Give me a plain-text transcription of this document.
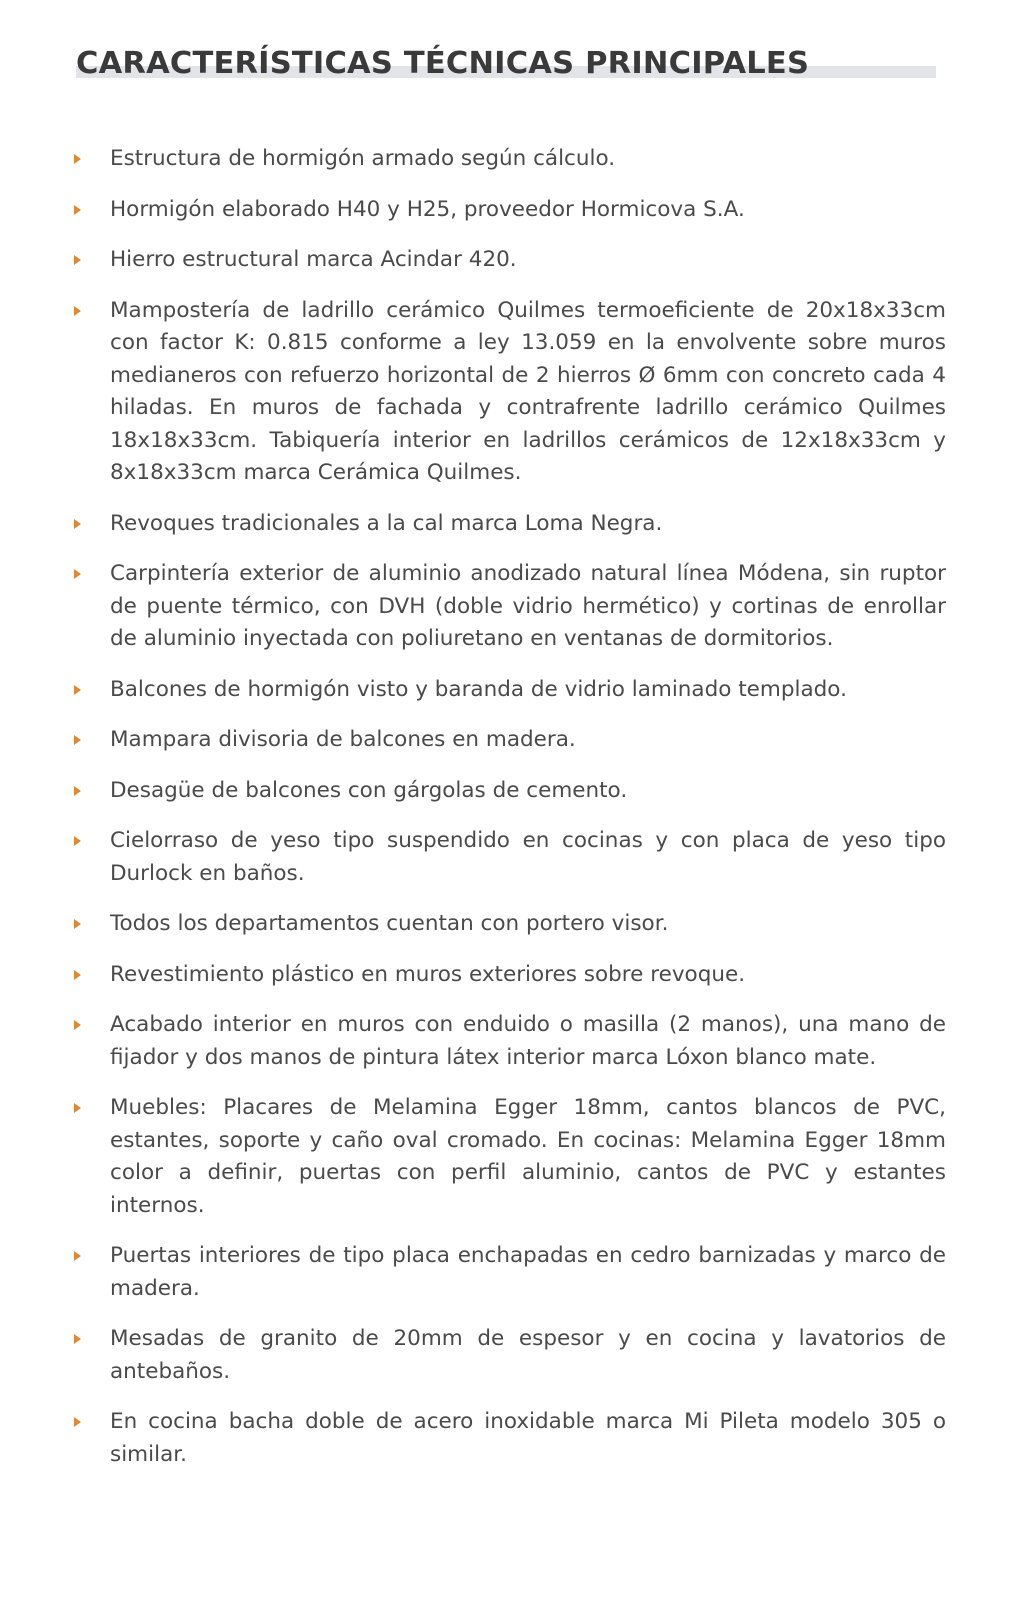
CARACTERÍSTICAS TÉCNICAS PRINCIPALES
Estructura de hormigón armado según cálculo.
Hormigón elaborado H40 y H25, proveedor Hormicova S.A.
Hierro estructural marca Acindar 420.
Mampostería de ladrillo cerámico Quilmes termoeficiente de 20x18x33cm con factor K: 0.815 conforme a ley 13.059 en la envolvente sobre muros medianeros con refuerzo horizontal de 2 hierros Ø 6mm con concreto cada 4 hiladas. En muros de fachada y contrafrente ladrillo cerámico Quilmes 18x18x33cm. Tabiquería interior en ladrillos cerámicos de 12x18x33cm y 8x18x33cm marca Cerámica Quilmes.
Revoques tradicionales a la cal marca Loma Negra.
Carpintería exterior de aluminio anodizado natural línea Módena, sin ruptor de puente térmico, con DVH (doble vidrio hermético) y cortinas de enrollar de aluminio inyectada con poliuretano en ventanas de dormitorios.
Balcones de hormigón visto y baranda de vidrio laminado templado.
Mampara divisoria de balcones en madera.
Desagüe de balcones con gárgolas de cemento.
Cielorraso de yeso tipo suspendido en cocinas y con placa de yeso tipo Durlock en baños.
Todos los departamentos cuentan con portero visor.
Revestimiento plástico en muros exteriores sobre revoque.
Acabado interior en muros con enduido o masilla (2 manos), una mano de fijador y dos manos de pintura látex interior marca Lóxon blanco mate.
Muebles: Placares de Melamina Egger 18mm, cantos blancos de PVC, estantes, soporte y caño oval cromado. En cocinas: Melamina Egger 18mm color a definir, puertas con perfil aluminio, cantos de PVC y estantes internos.
Puertas interiores de tipo placa enchapadas en cedro barnizadas y marco de madera.
Mesadas de granito de 20mm de espesor y en cocina y lavatorios de antebaños.
En cocina bacha doble de acero inoxidable marca Mi Pileta modelo 305 o similar.
